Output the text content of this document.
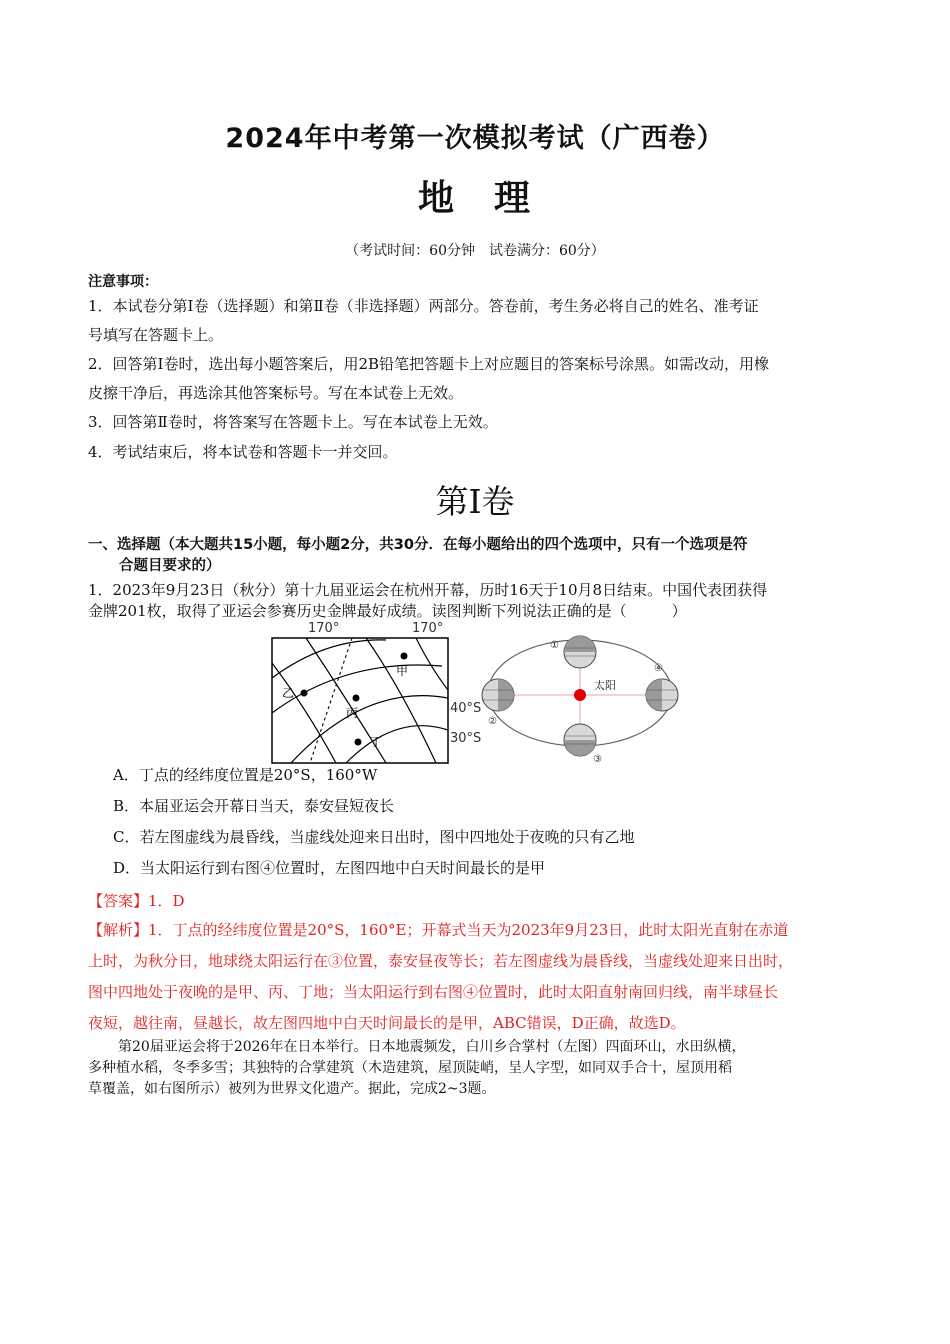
2024年中考第一次模拟考试（广西卷）
地　理
（考试时间：60分钟　试卷满分：60分）
注意事项：
1．本试卷分第Ⅰ卷（选择题）和第Ⅱ卷（非选择题）两部分。答卷前，考生务必将自己的姓名、准考证
号填写在答题卡上。
2．回答第Ⅰ卷时，选出每小题答案后，用2B铅笔把答题卡上对应题目的答案标号涂黑。如需改动，用橡
皮擦干净后，再选涂其他答案标号。写在本试卷上无效。
3．回答第Ⅱ卷时，将答案写在答题卡上。写在本试卷上无效。
4．考试结束后，将本试卷和答题卡一并交回。
第Ⅰ卷
一、选择题（本大题共15小题，每小题2分，共30分．在每小题给出的四个选项中，只有一个选项是符
合题目要求的）
1．2023年9月23日（秋分）第十九届亚运会在杭州开幕，历时16天于10月8日结束。中国代表团获得
金牌201枚，取得了亚运会参赛历史金牌最好成绩。读图判断下列说法正确的是（　　　）
甲
乙
丙
丁
170°	170°
40°S
30°S
太阳
①
②
③
④
A．丁点的经纬度位置是20°S，160°W
B．本届亚运会开幕日当天，泰安昼短夜长
C．若左图虚线为晨昏线，当虚线处迎来日出时，图中四地处于夜晚的只有乙地
D．当太阳运行到右图④位置时，左图四地中白天时间最长的是甲
【答案】1．D
【解析】1．丁点的经纬度位置是20°S，160°E；开幕式当天为2023年9月23日，此时太阳光直射在赤道
上时，为秋分日，地球绕太阳运行在③位置，泰安昼夜等长；若左图虚线为晨昏线，当虚线处迎来日出时，
图中四地处于夜晚的是甲、丙、丁地；当太阳运行到右图④位置时，此时太阳直射南回归线，南半球昼长
夜短，越往南，昼越长，故左图四地中白天时间最长的是甲，ABC错误，D正确，故选D。
第20届亚运会将于2026年在日本举行。日本地震频发，白川乡合掌村（左图）四面环山，水田纵横，
多种植水稻，冬季多雪；其独特的合掌建筑（木造建筑，屋顶陡峭，呈人字型，如同双手合十，屋顶用稻
草覆盖，如右图所示）被列为世界文化遗产。据此，完成2~3题。
